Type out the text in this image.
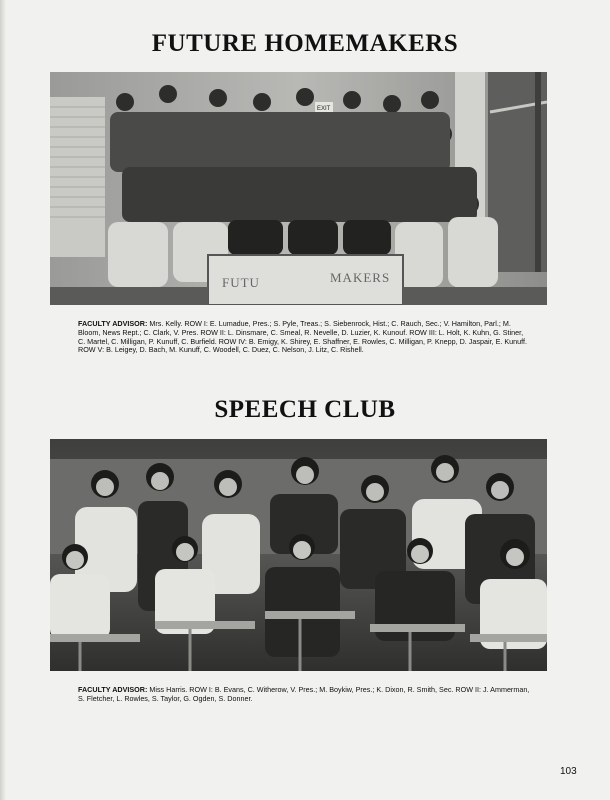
FUTURE HOMEMAKERS
EXIT
FUTU	MAKERS
FACULTY ADVISOR: Mrs. Kelly. ROW I: E. Lumadue, Pres.; S. Pyle, Treas.; S. Siebenrock, Hist.; C. Rauch, Sec.; V. Hamilton, Parl.; M. Bloom, News Rept.; C. Clark, V. Pres. ROW II: L. Dinsmare, C. Smeal, R. Nevelle, D. Luzier, K. Kunouf. ROW III: L. Holt, K. Kuhn, G. Stiner, C. Martel, C. Milligan, P. Kunuff, C. Burfield. ROW IV: B. Emigy, K. Shirey, E. Shaffner, E. Rowles, C. Milligan, P. Knepp, D. Jaspair, E. Kunuff. ROW V: B. Leigey, D. Bach, M. Kunuff, C. Woodell, C. Duez, C. Nelson, J. Litz, C. Rishell.
SPEECH CLUB
FACULTY ADVISOR: Miss Harris. ROW I: B. Evans, C. Witherow, V. Pres.; M. Boykiw, Pres.; K. Dixon, R. Smith, Sec. ROW II: J. Ammerman, S. Fletcher, L. Rowles, S. Taylor, G. Ogden, S. Donner.
103
